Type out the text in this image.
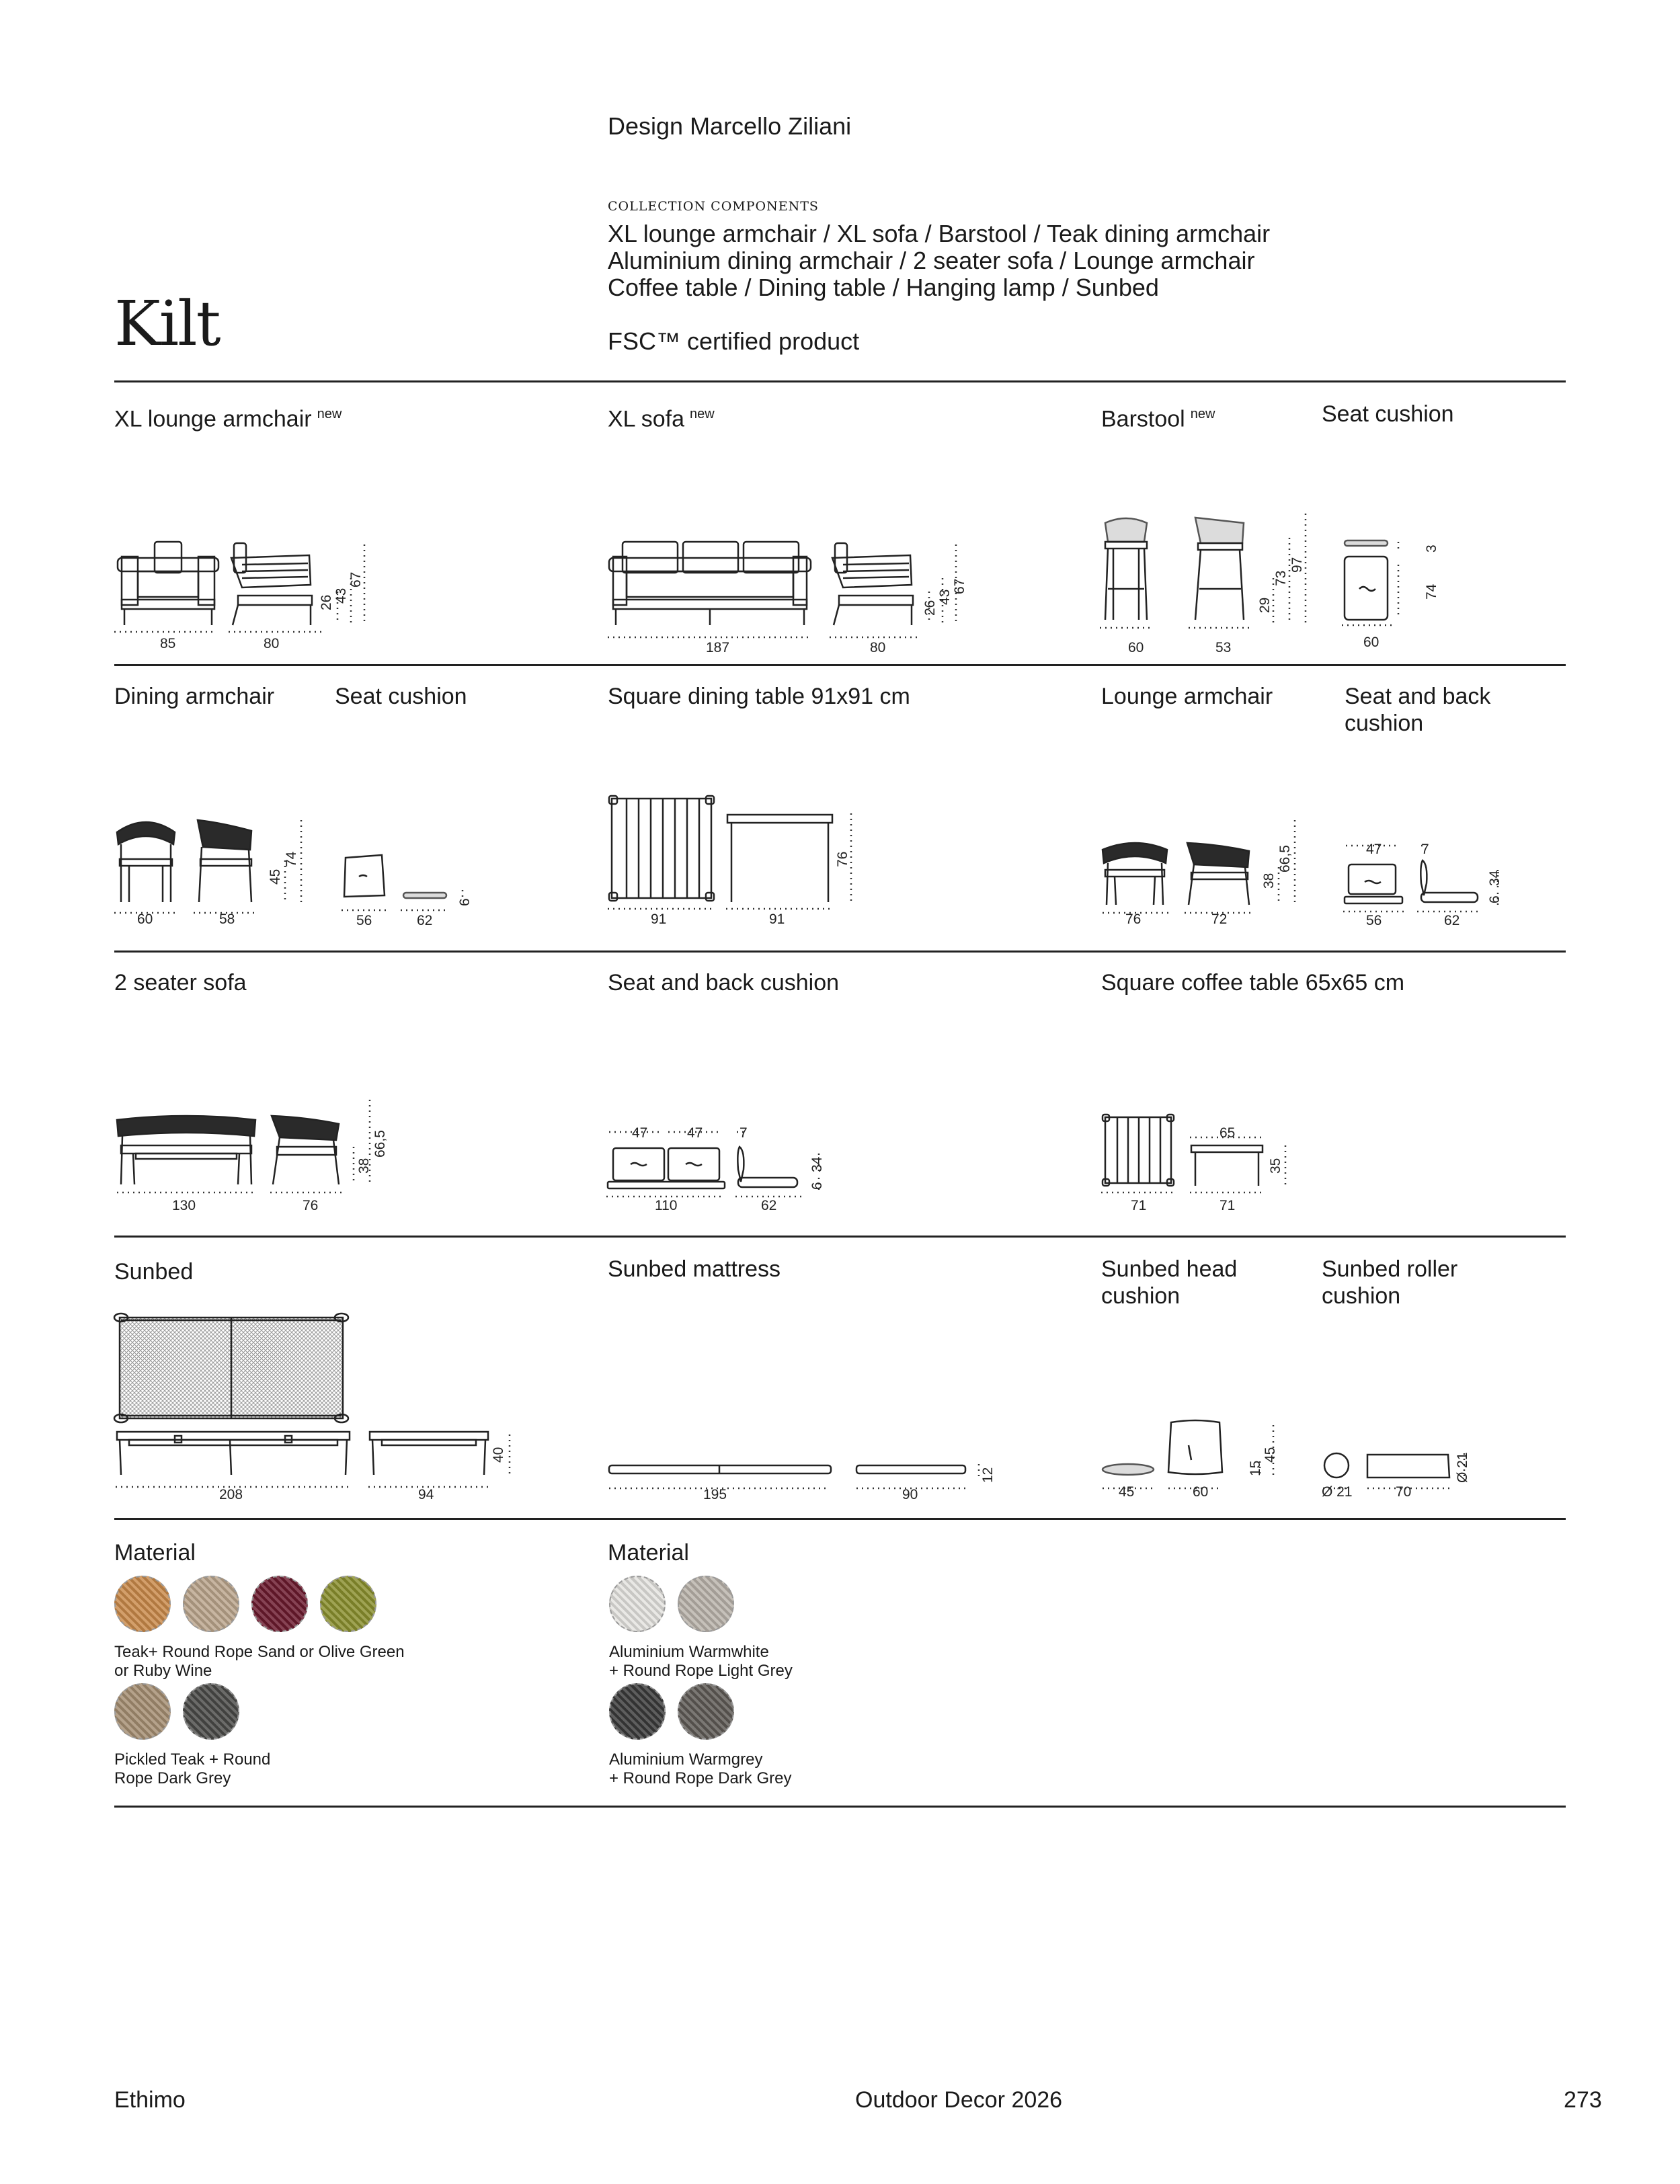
Design Marcello Ziliani
COLLECTION COMPONENTS
XL lounge armchair / XL sofa / Barstool / Teak dining armchair
Aluminium dining armchair / 2 seater sofa / Lounge armchair
Coffee table / Dining table / Hanging lamp / Sunbed
FSC™ certified product
Kilt
XL lounge armchair $^{new}$	XL sofa $^{new}$	Barstool $^{new}$	Seat cushion
85	80
26 43
67
187	80
26
43
67
60	53
29
73
97
60
3
74
Dining armchair	Seat cushion	Square dining table 91x91 cm	Lounge armchair	Seat and back
cushion
60	58
45
74
56	62
6
91	91
76
76	72
38
66,5	47	7
56	62
6
34
2 seater sofa	Seat and back cushion	Square coffee table 65x65 cm
130	76
38
66,5	47	47	7
110	62
6
34
65
71	71
35
Sunbed	Sunbed mattress	Sunbed head
cushion
Sunbed roller
cushion
208	94
40
195	90
12
45	60
15
45
Ø 21	70
Ø 21
Material	Material
Teak+ Round Rope Sand or Olive Green
or Ruby Wine
Pickled Teak + Round
Rope Dark Grey
Aluminium Warmwhite
+ Round Rope Light Grey
Aluminium Warmgrey
+ Round Rope Dark Grey
Ethimo	Outdoor Decor 2026	273
